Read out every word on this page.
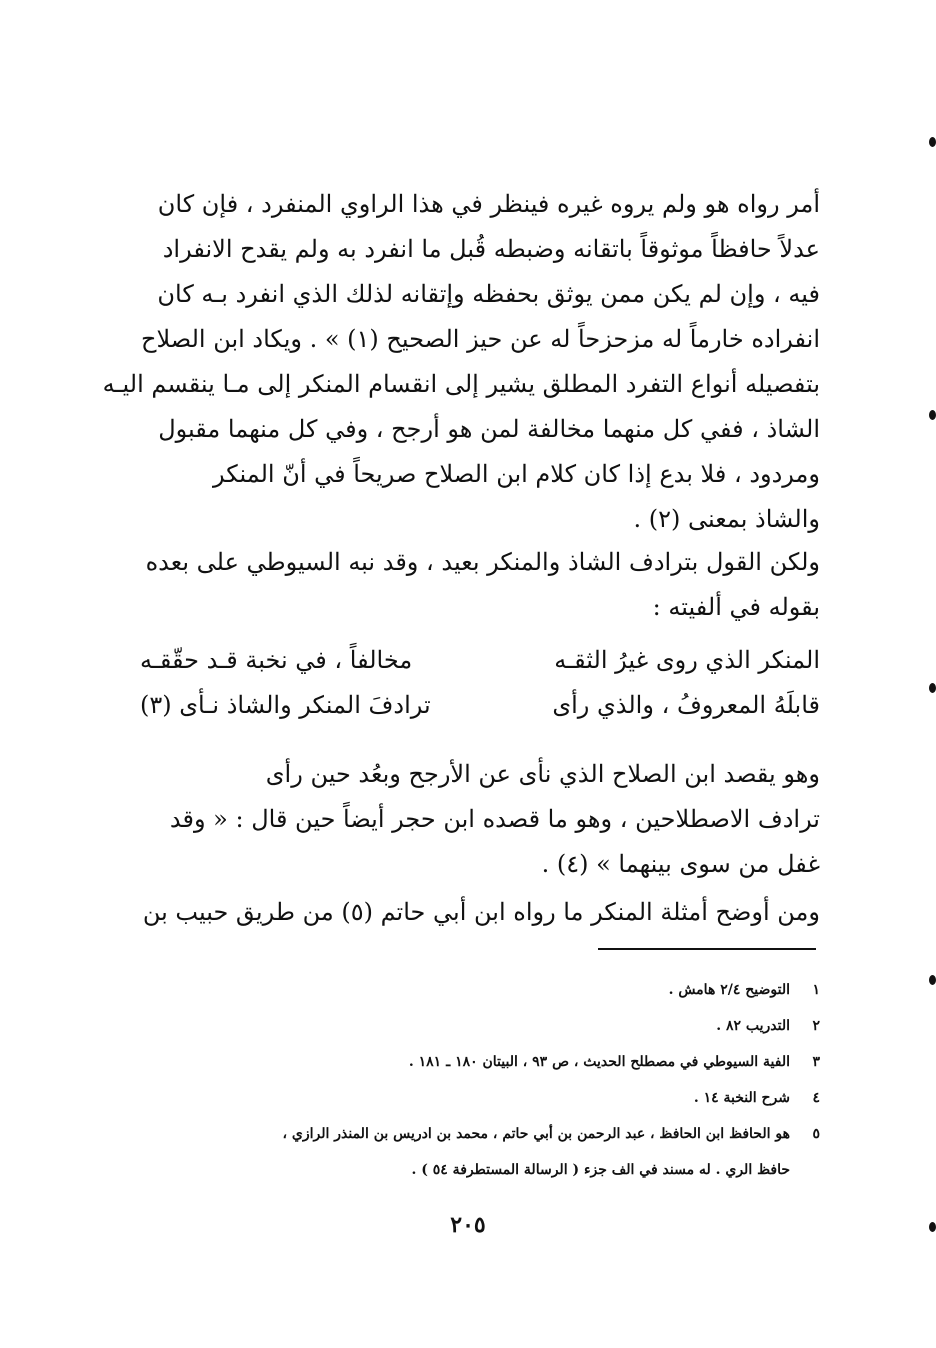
أمر رواه هو ولم يروه غيره فينظر في هذا الراوي المنفرد ، فإن كان
عدلاً حافظاً موثوقاً باتقانه وضبطه قُبل ما انفرد به ولم يقدح الانفراد
فيه ، وإن لم يكن ممن يوثق بحفظه وإتقانه لذلك الذي انفرد بـه كان
انفراده خارماً له مزحزحاً له عن حيز الصحيح (١) » . ويكاد ابن الصلاح
بتفصيله أنواع التفرد المطلق يشير إلى انقسام المنكر إلى مـا ينقسم اليـه
الشاذ ، ففي كل منهما مخالفة لمن هو أرجح ، وفي كل منهما مقبول
ومردود ، فلا بدع إذا كان كلام ابن الصلاح صريحاً في أنّ المنكر
والشاذ بمعنى (٢) .
ولكن القول بترادف الشاذ والمنكر بعيد ، وقد نبه السيوطي على بعده
بقوله في ألفيته :
المنكر الذي روى غيرُ الثقـه
مخالفاً ، في نخبة قـد حقّقـه
قابلَهُ المعروفُ ، والذي رأى
ترادفَ المنكر والشاذ نـأى (٣)
وهو يقصد ابن الصلاح الذي نأى عن الأرجح وبعُد حين رأى
ترادف الاصطلاحين ، وهو ما قصده ابن حجر أيضاً حين قال : « وقد
غفل من سوى بينهما » (٤) .
ومن أوضح أمثلة المنكر ما رواه ابن أبي حاتم (٥) من طريق حبيب بن
١
التوضيح ٢/٤ هامش .
٢
التدريب ٨٢ .
٣
الفية السيوطي في مصطلح الحديث ، ص ٩٣ ، البيتان ١٨٠ ـ ١٨١ .
٤
شرح النخبة ١٤ .
٥
هو الحافظ ابن الحافظ ، عبد الرحمن بن أبي حاتم ، محمد بن ادريس بن المنذر الرازي ،
حافظ الري . له مسند في الف جزء ( الرسالة المستطرفة ٥٤ ) .
٢٠٥
